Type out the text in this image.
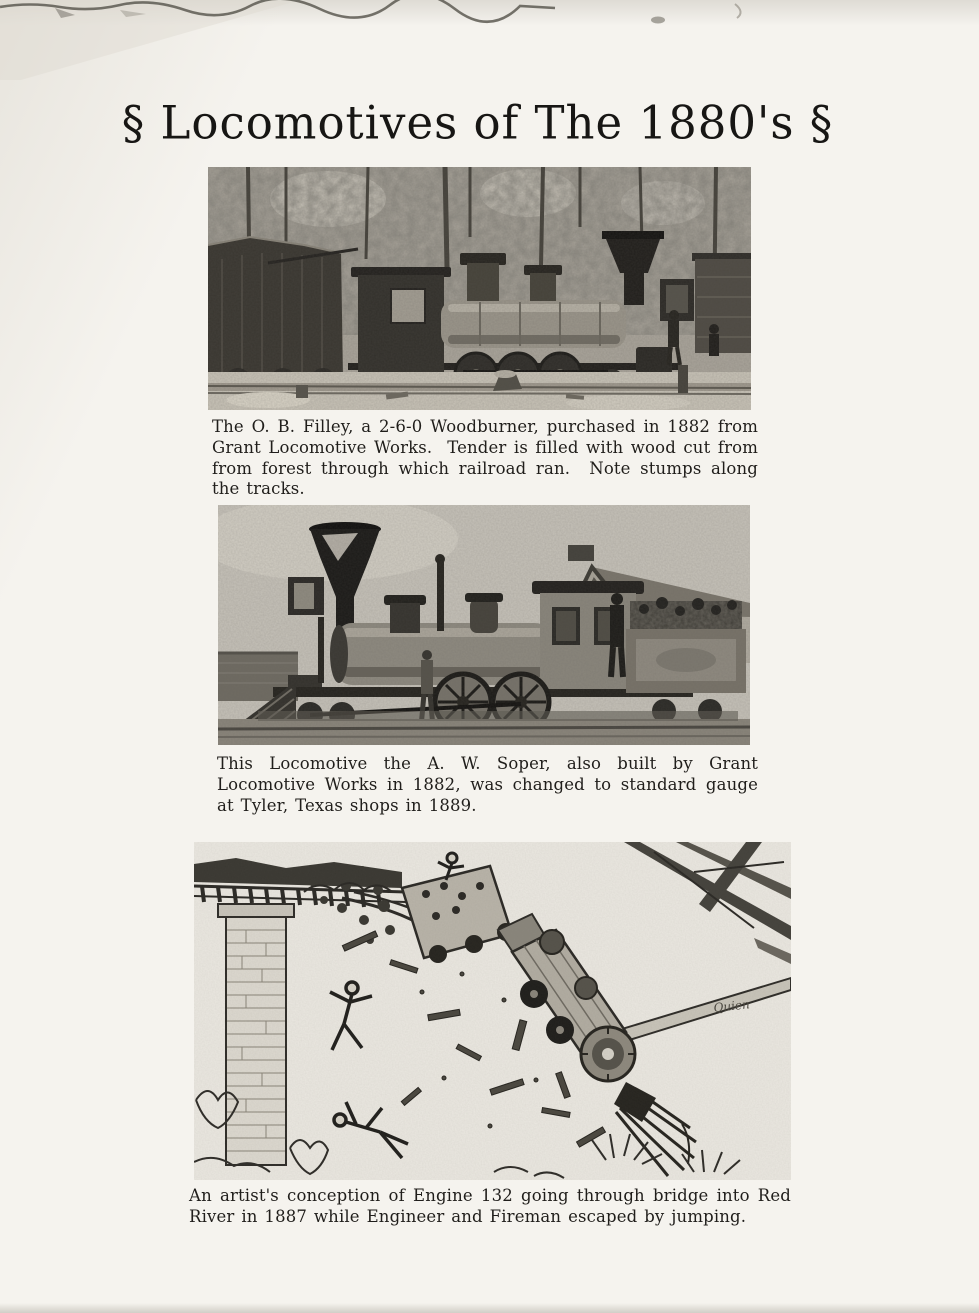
§ Locomotives of The 1880's §
The O. B. Filley, a 2-6-0 Woodburner, purchased in 1882 from Grant Locomotive Works.  Tender is filled with wood cut from from forest through which railroad ran.  Note stumps along the tracks.
This Locomotive the A. W. Soper, also built by Grant Locomotive Works in 1882, was changed to standard gauge at Tyler, Texas shops in 1889.
Quien
An artist's conception of Engine 132 going through bridge into Red River in 1887 while Engineer and Fireman escaped by jumping.
